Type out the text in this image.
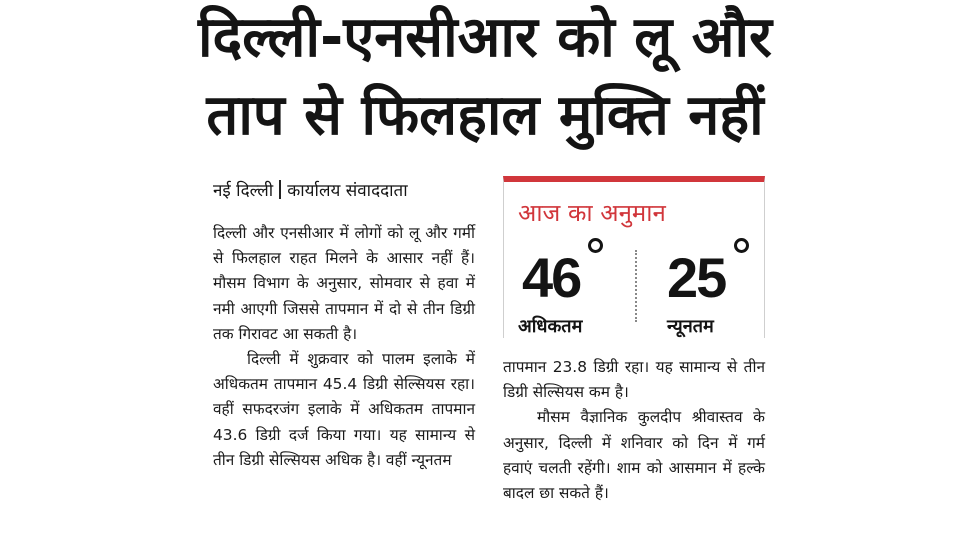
दिल्ली-एनसीआर को लू और
ताप से फिलहाल मुक्ति नहीं
नई दिल्ली कार्यालय संवाददाता

दिल्ली और एनसीआर में लोगों को लू और गर्मी से फिलहाल राहत मिलने के आसार नहीं हैं। मौसम विभाग के अनुसार, सोमवार से हवा में नमी आएगी जिससे तापमान में दो से तीन डिग्री तक गिरावट आ सकती है।

दिल्ली में शुक्रवार को पालम इलाके में अधिकतम तापमान 45.4 डिग्री सेल्सियस रहा। वहीं सफदरजंग इलाके में अधिकतम तापमान 43.6 डिग्री दर्ज किया गया। यह सामान्य से तीन डिग्री सेल्सियस अधिक है। वहीं न्यूनतम

आज का अनुमान
46 25
अधिकतम	न्यूनतम

तापमान 23.8 डिग्री रहा। यह सामान्य से तीन डिग्री सेल्सियस कम है।

मौसम वैज्ञानिक कुलदीप श्रीवास्तव के अनुसार, दिल्ली में शनिवार को दिन में गर्म हवाएं चलती रहेंगी। शाम को आसमान में हल्के बादल छा सकते हैं।
